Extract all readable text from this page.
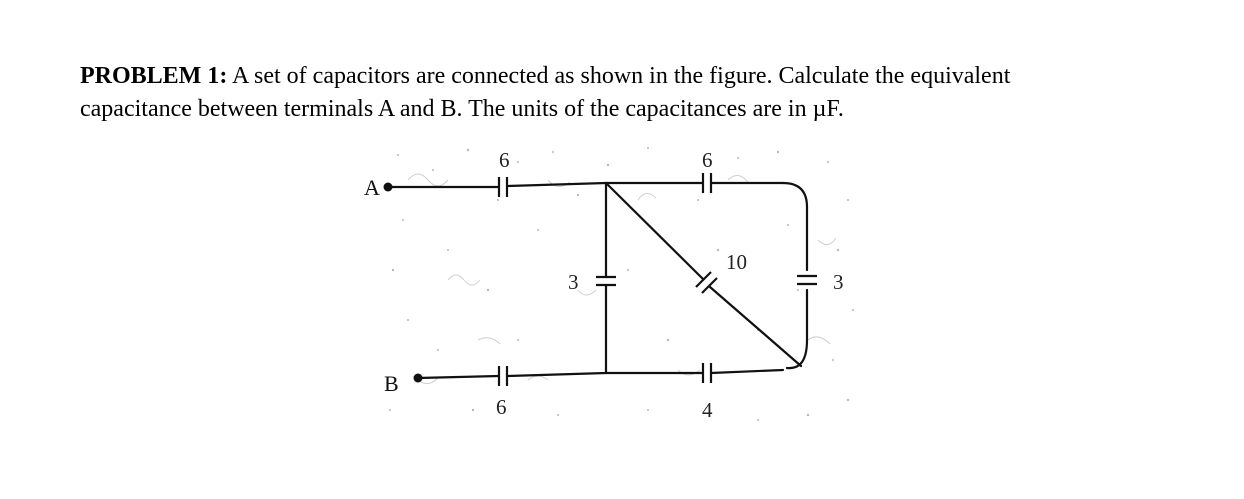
PROBLEM 1: A set of capacitors are connected as shown in the figure. Calculate the equivalent
capacitance between terminals A and B. The units of the capacitances are in µF.
A
B
6	6
3
10
3
6	4
